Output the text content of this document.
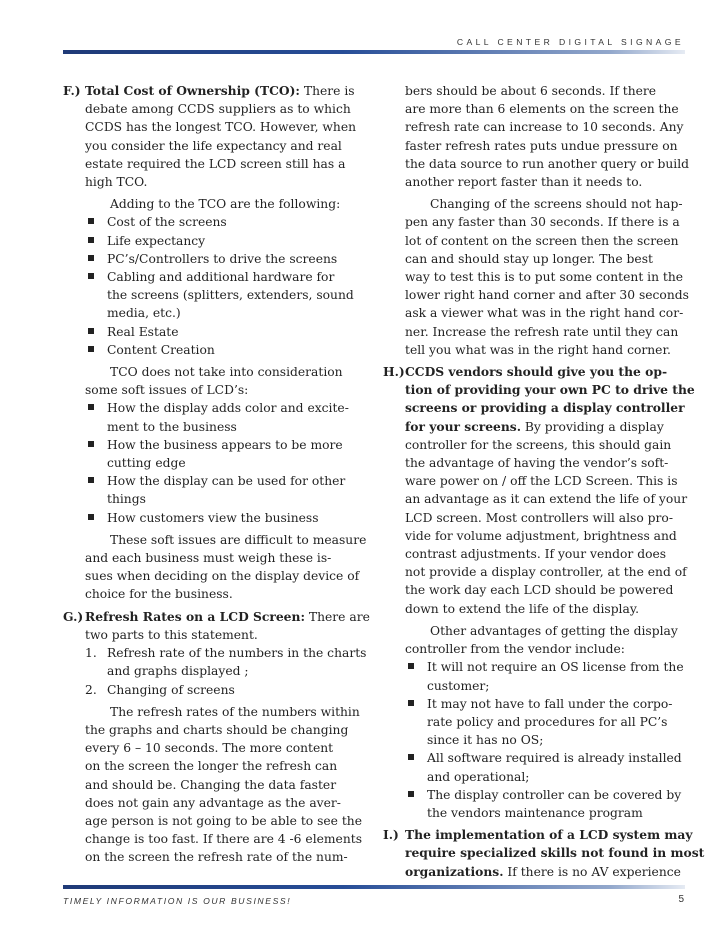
CALL CENTER DIGITAL SIGNAGE
F.) Total Cost of Ownership (TCO): There is
debate among CCDS suppliers as to which
CCDS has the longest TCO. However, when
you consider the life expectancy and real
estate required the LCD screen still has a
high TCO.
Adding to the TCO are the following:
Cost of the screens
Life expectancy
PC’s/Controllers to drive the screens
Cabling and additional hardware for
the screens (splitters, extenders, sound
media, etc.)
Real Estate
Content Creation
TCO does not take into consideration
some soft issues of LCD’s:
How the display adds color and excite-
ment to the business
How the business appears to be more
cutting edge
How the display can be used for other
things
How customers view the business
These soft issues are difficult to measure
and each business must weigh these is-
sues when deciding on the display device of
choice for the business.
G.) Refresh Rates on a LCD Screen: There are
two parts to this statement.
1. Refresh rate of the numbers in the charts
and graphs displayed ;
2. Changing of screens
The refresh rates of the numbers within
the graphs and charts should be changing
every 6 – 10 seconds. The more content
on the screen the longer the refresh can
and should be. Changing the data faster
does not gain any advantage as the aver-
age person is not going to be able to see the
change is too fast. If there are 4 -6 elements
on the screen the refresh rate of the num-
bers should be about 6 seconds. If there
are more than 6 elements on the screen the
refresh rate can increase to 10 seconds. Any
faster refresh rates puts undue pressure on
the data source to run another query or build
another report faster than it needs to.
Changing of the screens should not hap-
pen any faster than 30 seconds. If there is a
lot of content on the screen then the screen
can and should stay up longer. The best
way to test this is to put some content in the
lower right hand corner and after 30 seconds
ask a viewer what was in the right hand cor-
ner. Increase the refresh rate until they can
tell you what was in the right hand corner.
H.)CCDS vendors should give you the op-
tion of providing your own PC to drive the
screens or providing a display controller
for your screens. By providing a display
controller for the screens, this should gain
the advantage of having the vendor’s soft-
ware power on / off the LCD Screen. This is
an advantage as it can extend the life of your
LCD screen. Most controllers will also pro-
vide for volume adjustment, brightness and
contrast adjustments. If your vendor does
not provide a display controller, at the end of
the work day each LCD should be powered
down to extend the life of the display.
Other advantages of getting the display
controller from the vendor include:
It will not require an OS license from the
customer;
It may not have to fall under the corpo-
rate policy and procedures for all PC’s
since it has no OS;
All software required is already installed
and operational;
The display controller can be covered by
the vendors maintenance program
I.) The implementation of a LCD system may
require specialized skills not found in most
organizations. If there is no AV experience
TIMELY INFORMATION IS OUR BUSINESS!	5
